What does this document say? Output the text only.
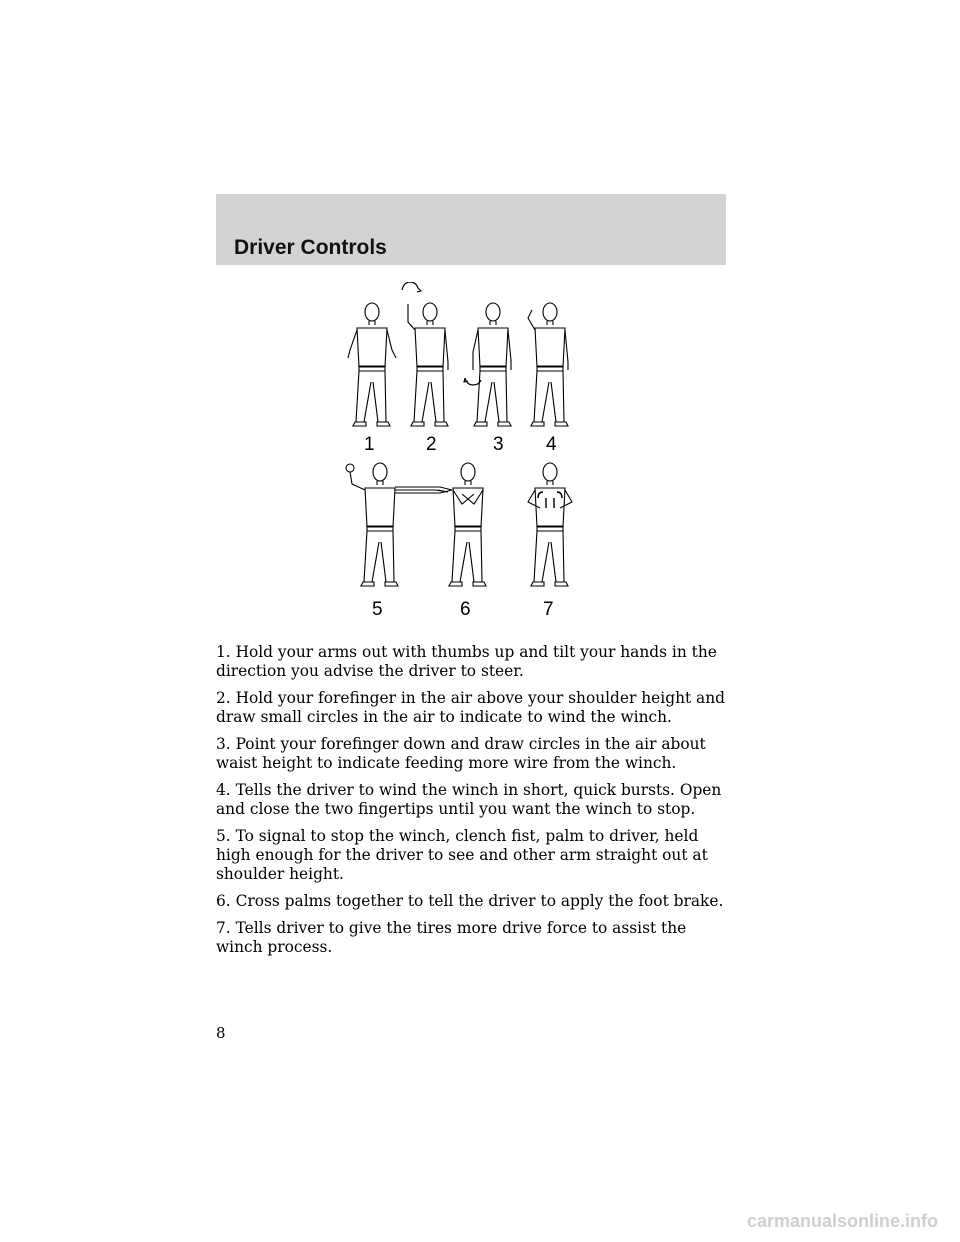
Driver Controls
1	2	3 4
5	6	7

1. Hold your arms out with thumbs up and tilt your hands in the direction you advise the driver to steer.

2. Hold your forefinger in the air above your shoulder height and draw small circles in the air to indicate to wind the winch.

3. Point your forefinger down and draw circles in the air about waist height to indicate feeding more wire from the winch.

4. Tells the driver to wind the winch in short, quick bursts. Open and close the two fingertips until you want the winch to stop.

5. To signal to stop the winch, clench fist, palm to driver, held high enough for the driver to see and other arm straight out at shoulder height.

6. Cross palms together to tell the driver to apply the foot brake.

7. Tells driver to give the tires more drive force to assist the winch process.

8
carmanualsonline.info
